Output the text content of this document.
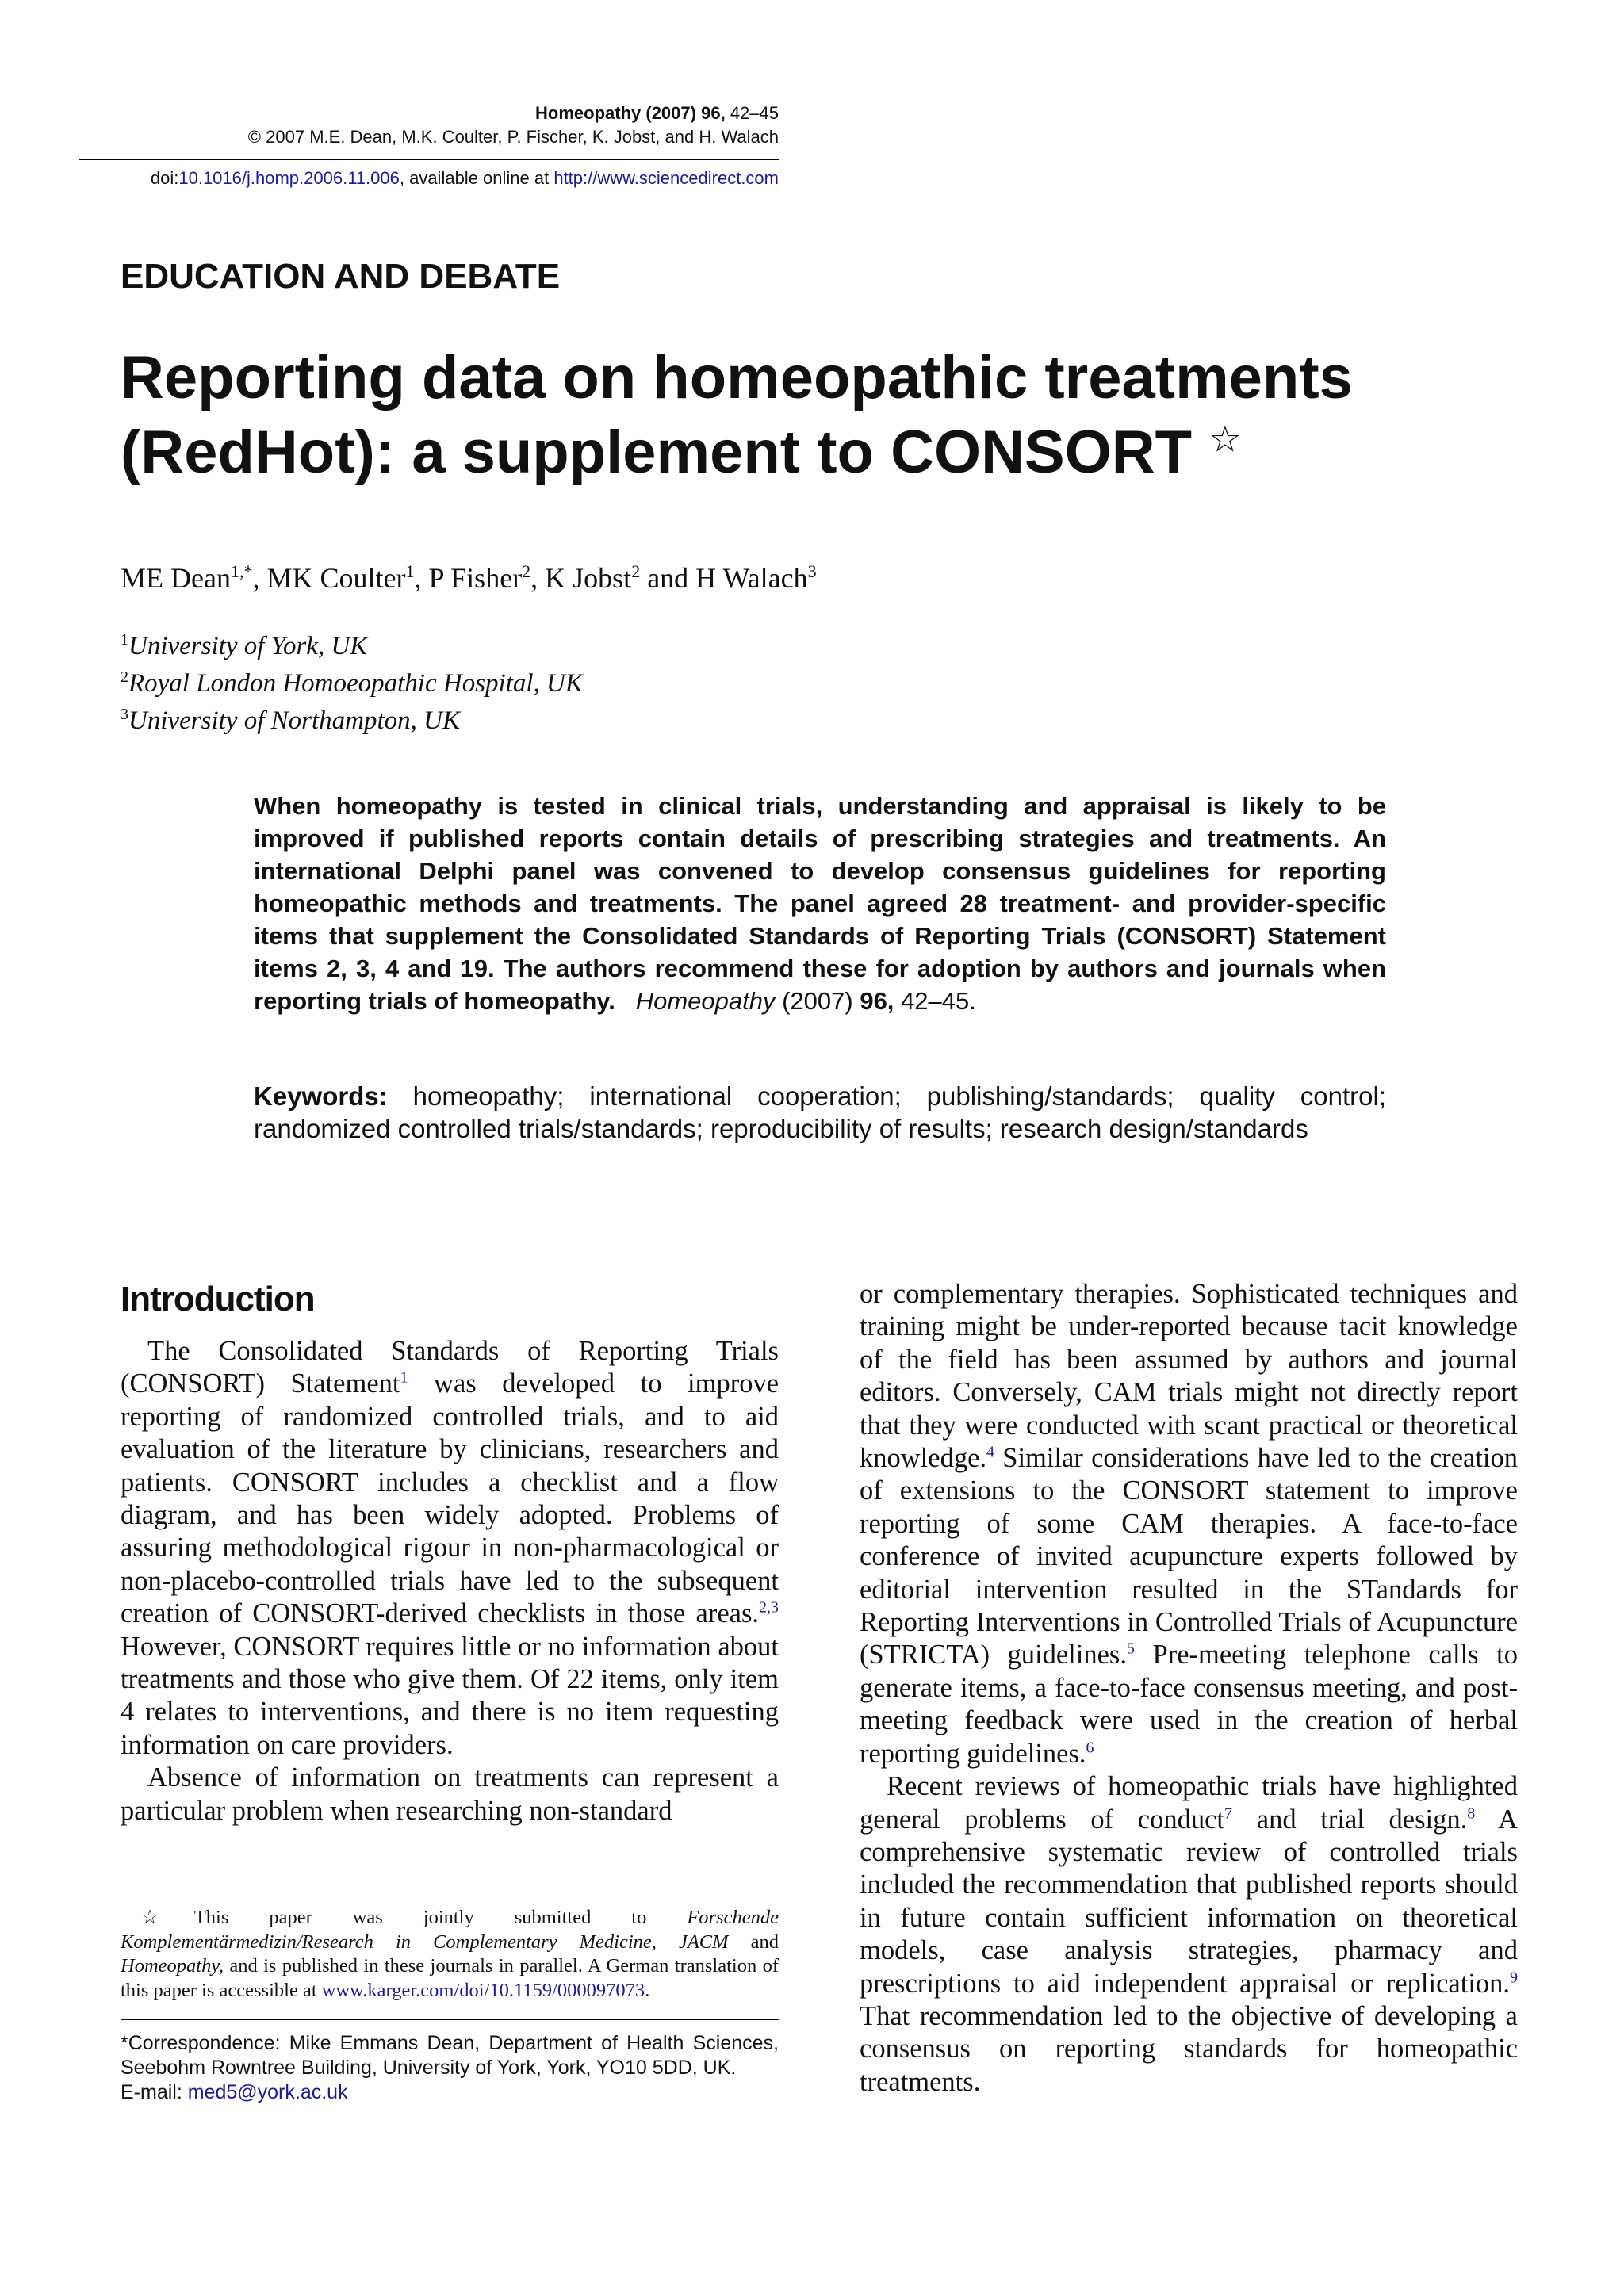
Homeopathy (2007) 96, 42–45
© 2007 M.E. Dean, M.K. Coulter, P. Fischer, K. Jobst, and H. Walach
doi:10.1016/j.homp.2006.11.006, available online at http://www.sciencedirect.com
EDUCATION AND DEBATE
Reporting data on homeopathic treatments
(RedHot): a supplement to CONSORT ☆
ME Dean$^{1,*}$, MK Coulter$^1$, P Fisher$^2$, K Jobst$^2$ and H Walach$^3$
$^1$University of York, UK
$^2$Royal London Homoeopathic Hospital, UK
$^3$University of Northampton, UK
When homeopathy is tested in clinical trials, understanding and appraisal is likely to be improved if published reports contain details of prescribing strategies and treatments. An international Delphi panel was convened to develop consensus guidelines for reporting homeopathic methods and treatments. The panel agreed 28 treatment- and provider-specific items that supplement the Consolidated Standards of Reporting Trials (CONSORT) Statement items 2, 3, 4 and 19. The authors recommend these for adoption by authors and journals when reporting trials of homeopathy. Homeopathy (2007) 96, 42–45.
Keywords: homeopathy; international cooperation; publishing/standards; quality control; randomized controlled trials/standards; reproducibility of results; research design/standards
Introduction

The Consolidated Standards of Reporting Trials (CONSORT) Statement$^1$ was developed to improve reporting of randomized controlled trials, and to aid evaluation of the literature by clinicians, researchers and patients. CONSORT includes a checklist and a flow diagram, and has been widely adopted. Problems of assuring methodological rigour in non-pharmacological or non-placebo-controlled trials have led to the subsequent creation of CONSORT-derived checklists in those areas.$^{2,3}$ However, CONSORT requires little or no information about treatments and those who give them. Of 22 items, only item 4 relates to interventions, and there is no item requesting information on care providers.

Absence of information on treatments can represent a particular problem when researching non-standard

or complementary therapies. Sophisticated techniques and training might be under-reported because tacit knowledge of the field has been assumed by authors and journal editors. Conversely, CAM trials might not directly report that they were conducted with scant practical or theoretical knowledge.$^4$ Similar considerations have led to the creation of extensions to the CONSORT statement to improve reporting of some CAM therapies. A face-to-face conference of invited acupuncture experts followed by editorial intervention resulted in the STandards for Reporting Interventions in Controlled Trials of Acupuncture (STRICTA) guidelines.$^5$ Pre-meeting telephone calls to generate items, a face-to-face consensus meeting, and post-meeting feedback were used in the creation of herbal reporting guidelines.$^6$

Recent reviews of homeopathic trials have highlighted general problems of conduct$^7$ and trial design.$^8$ A comprehensive systematic review of controlled trials included the recommendation that published reports should in future contain sufficient information on theoretical models, case analysis strategies, pharmacy and prescriptions to aid independent appraisal or replication.$^9$ That recommendation led to the objective of developing a consensus on reporting standards for homeopathic treatments.

☆This paper was jointly submitted to Forschende Komplementärmedizin/Research in Complementary Medicine, JACM and Homeopathy, and is published in these journals in parallel. A German translation of this paper is accessible at www.karger.com/doi/10.1159/000097073.

*Correspondence: Mike Emmans Dean, Department of Health Sciences, Seebohm Rowntree Building, University of York, York, YO10 5DD, UK.
E-mail: med5@york.ac.uk
